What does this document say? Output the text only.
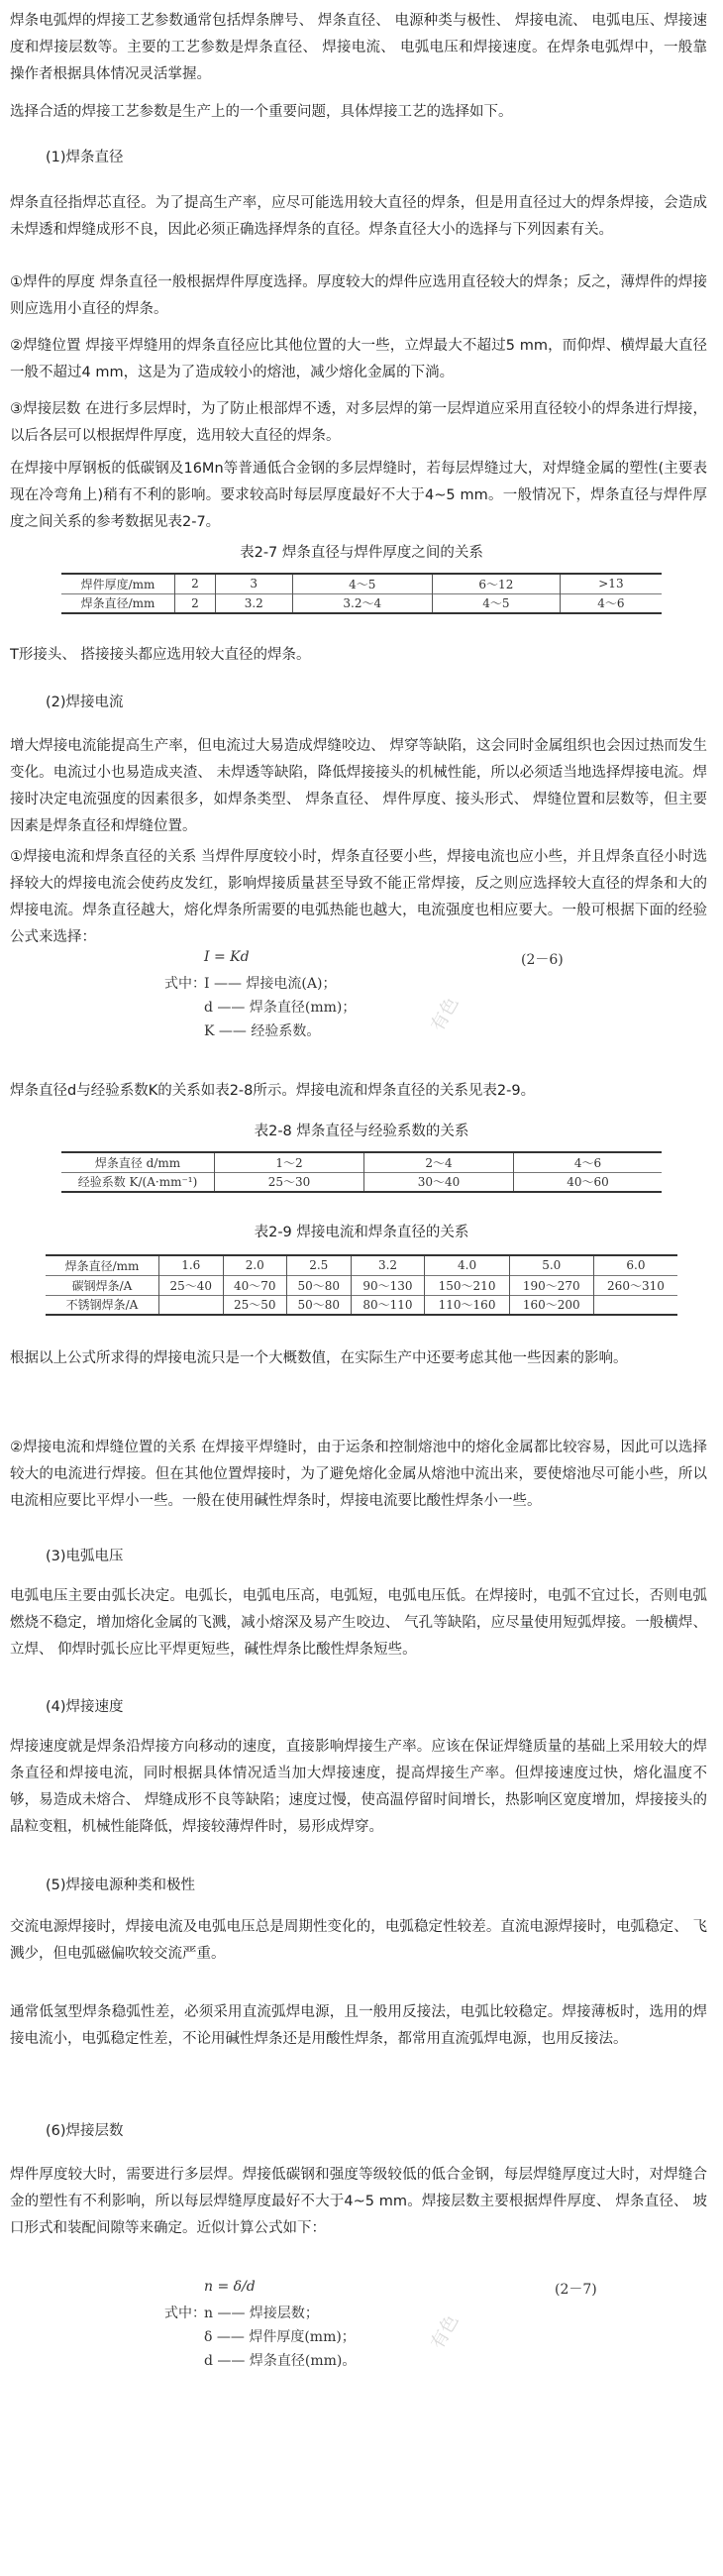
焊条电弧焊的焊接工艺参数通常包括焊条牌号、 焊条直径、 电源种类与极性、 焊接电流、 电弧电压、焊接速度和焊接层数等。主要的工艺参数是焊条直径、 焊接电流、 电弧电压和焊接速度。在焊条电弧焊中，一般靠操作者根据具体情况灵活掌握。

选择合适的焊接工艺参数是生产上的一个重要问题，具体焊接工艺的选择如下。

(1)焊条直径

焊条直径指焊芯直径。为了提高生产率，应尽可能选用较大直径的焊条，但是用直径过大的焊条焊接，会造成未焊透和焊缝成形不良，因此必须正确选择焊条的直径。焊条直径大小的选择与下列因素有关。

①焊件的厚度 焊条直径一般根据焊件厚度选择。厚度较大的焊件应选用直径较大的焊条；反之，薄焊件的焊接则应选用小直径的焊条。

②焊缝位置 焊接平焊缝用的焊条直径应比其他位置的大一些，立焊最大不超过5 mm，而仰焊、横焊最大直径一般不超过4 mm，这是为了造成较小的熔池，减少熔化金属的下淌。

③焊接层数 在进行多层焊时，为了防止根部焊不透，对多层焊的第一层焊道应采用直径较小的焊条进行焊接，以后各层可以根据焊件厚度，选用较大直径的焊条。

在焊接中厚钢板的低碳钢及16Mn等普通低合金钢的多层焊缝时，若每层焊缝过大，对焊缝金属的塑性(主要表现在冷弯角上)稍有不利的影响。要求较高时每层厚度最好不大于4~5 mm。一般情况下，焊条直径与焊件厚度之间关系的参考数据见表2-7。

表2-7 焊条直径与焊件厚度之间的关系
焊件厚度/mm	2	3	4～5	6～12	>13
焊条直径/mm	2	3.2	3.2～4	4～5	4～6

T形接头、 搭接接头都应选用较大直径的焊条。

(2)焊接电流

增大焊接电流能提高生产率，但电流过大易造成焊缝咬边、 焊穿等缺陷，这会同时金属组织也会因过热而发生变化。电流过小也易造成夹渣、 未焊透等缺陷，降低焊接接头的机械性能，所以必须适当地选择焊接电流。焊接时决定电流强度的因素很多，如焊条类型、 焊条直径、 焊件厚度、接头形式、 焊缝位置和层数等，但主要因素是焊条直径和焊缝位置。

①焊接电流和焊条直径的关系 当焊件厚度较小时，焊条直径要小些，焊接电流也应小些，并且焊条直径小时选择较大的焊接电流会使药皮发红，影响焊接质量甚至导致不能正常焊接，反之则应选择较大直径的焊条和大的焊接电流。焊条直径越大，熔化焊条所需要的电弧热能也越大，电流强度也相应要大。一般可根据下面的经验公式来选择：

I = Kd	(2－6)
式中：
I —— 焊接电流(A)；
d —— 焊条直径(mm)；
K —— 经验系数。

焊条直径d与经验系数K的关系如表2-8所示。焊接电流和焊条直径的关系见表2-9。

表2-8 焊条直径与经验系数的关系
焊条直径 d/mm	1～2	2～4	4～6
经验系数 K/(A·mm⁻¹)	25～30	30～40	40～60
表2-9 焊接电流和焊条直径的关系
焊条直径/mm	1.6	2.0	2.5	3.2	4.0	5.0	6.0
碳钢焊条/A	25～40	40～70	50～80	90～130	150～210	190～270	260～310
不锈钢焊条/A		25～50	50～80	80～110	110～160	160～200	

根据以上公式所求得的焊接电流只是一个大概数值，在实际生产中还要考虑其他一些因素的影响。

②焊接电流和焊缝位置的关系 在焊接平焊缝时，由于运条和控制熔池中的熔化金属都比较容易，因此可以选择较大的电流进行焊接。但在其他位置焊接时，为了避免熔化金属从熔池中流出来，要使熔池尽可能小些，所以电流相应要比平焊小一些。一般在使用碱性焊条时，焊接电流要比酸性焊条小一些。

(3)电弧电压

电弧电压主要由弧长决定。电弧长，电弧电压高，电弧短，电弧电压低。在焊接时，电弧不宜过长，否则电弧燃烧不稳定，增加熔化金属的飞溅，减小熔深及易产生咬边、 气孔等缺陷，应尽量使用短弧焊接。一般横焊、 立焊、 仰焊时弧长应比平焊更短些，碱性焊条比酸性焊条短些。

(4)焊接速度

焊接速度就是焊条沿焊接方向移动的速度，直接影响焊接生产率。应该在保证焊缝质量的基础上采用较大的焊条直径和焊接电流，同时根据具体情况适当加大焊接速度，提高焊接生产率。但焊接速度过快，熔化温度不够，易造成未熔合、 焊缝成形不良等缺陷；速度过慢，使高温停留时间增长，热影响区宽度增加，焊接接头的晶粒变粗，机械性能降低，焊接较薄焊件时，易形成焊穿。

(5)焊接电源种类和极性

交流电源焊接时，焊接电流及电弧电压总是周期性变化的，电弧稳定性较差。直流电源焊接时，电弧稳定、 飞溅少，但电弧磁偏吹较交流严重。

通常低氢型焊条稳弧性差，必须采用直流弧焊电源，且一般用反接法，电弧比较稳定。焊接薄板时，选用的焊接电流小，电弧稳定性差，不论用碱性焊条还是用酸性焊条，都常用直流弧焊电源，也用反接法。

(6)焊接层数

焊件厚度较大时，需要进行多层焊。焊接低碳钢和强度等级较低的低合金钢，每层焊缝厚度过大时，对焊缝合金的塑性有不利影响，所以每层焊缝厚度最好不大于4~5 mm。焊接层数主要根据焊件厚度、 焊条直径、 坡口形式和装配间隙等来确定。近似计算公式如下：

n = δ/d	(2－7)
式中：
n —— 焊接层数；
δ —— 焊件厚度(mm)；
d —— 焊条直径(mm)。
有色
有色
